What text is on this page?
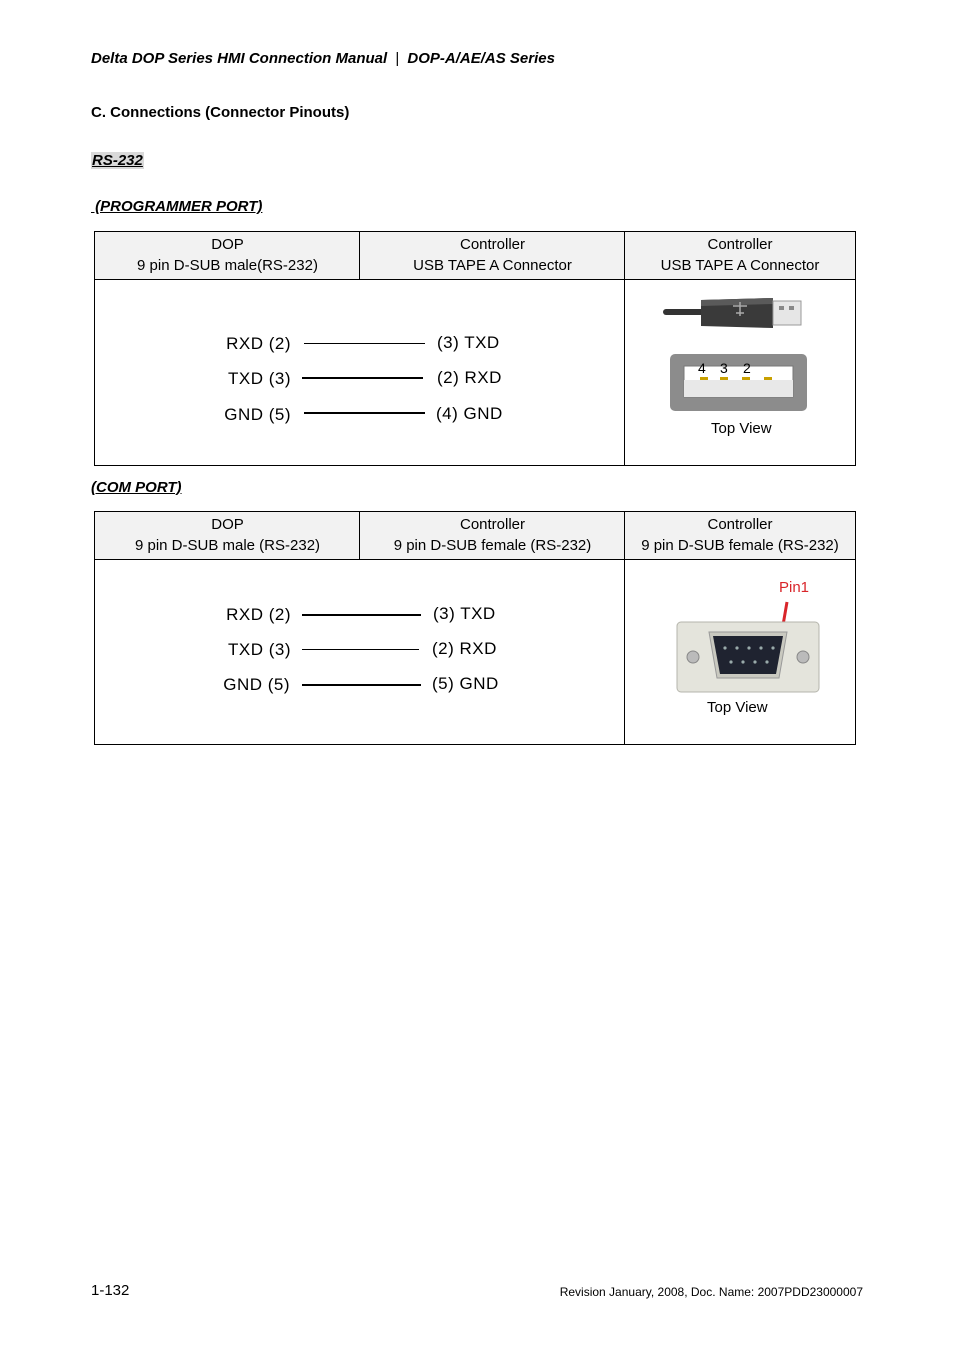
Delta DOP Series HMI Connection Manual | DOP-A/AE/AS Series
C. Connections (Connector Pinouts)
RS-232
(PROGRAMMER PORT)
DOP
9 pin D-SUB male(RS-232)
Controller
USB TAPE A Connector
Controller
USB TAPE A Connector
RXD (2)
TXD (3)
GND (5)
(3) TXD
(2) RXD
(4) GND
4 3 2
Top View
(COM PORT)
DOP
9 pin D-SUB male (RS-232)
Controller
9 pin D-SUB female (RS-232)
Controller
9 pin D-SUB female (RS-232)
RXD (2)
TXD (3)
GND (5)
(3) TXD
(2) RXD
(5) GND
Pin1
Top View
1-132	Revision January, 2008, Doc. Name: 2007PDD23000007
